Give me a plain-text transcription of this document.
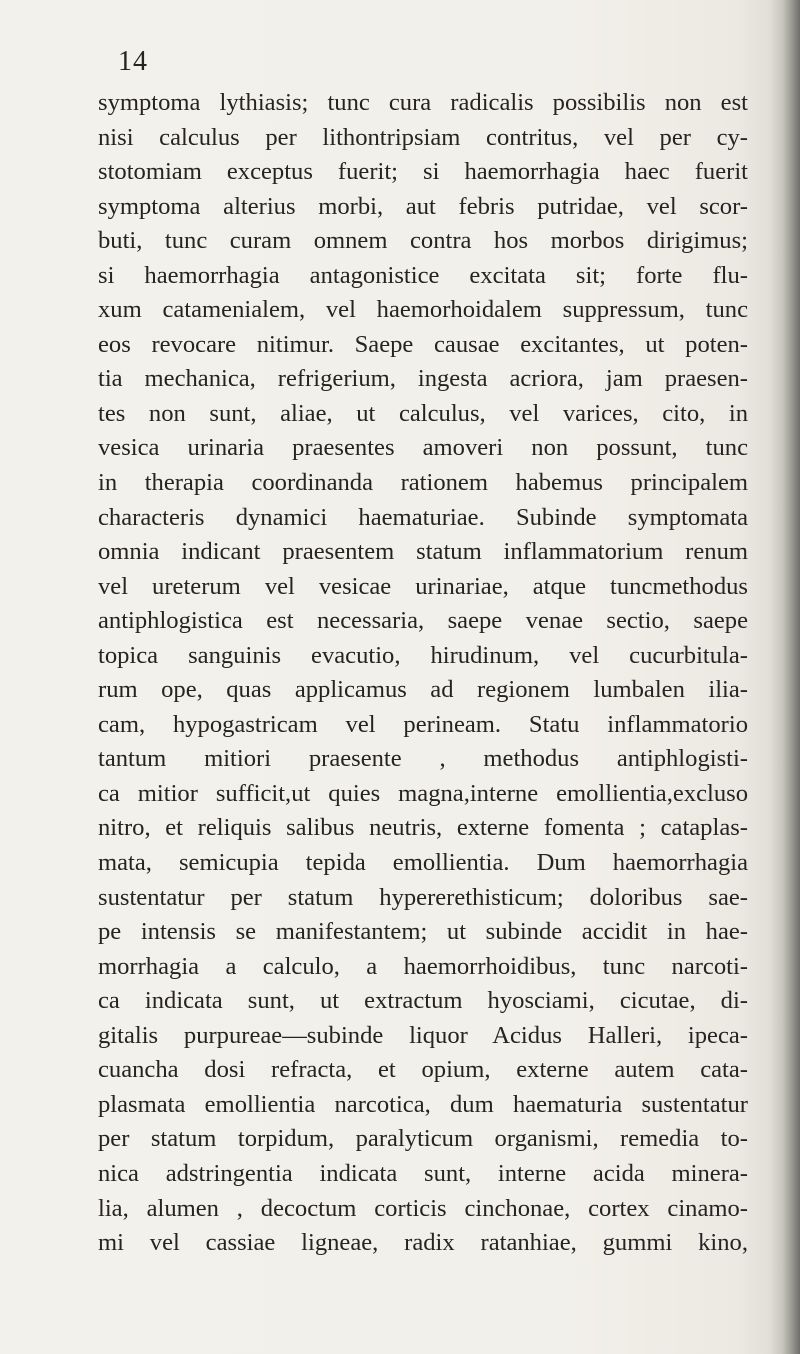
14
symptoma lythiasis; tunc cura radicalis possibilis non est
nisi calculus per lithontripsiam contritus, vel per cy-
stotomiam exceptus fuerit; si haemorrhagia haec fuerit
symptoma alterius morbi, aut febris putridae, vel scor-
buti, tunc curam omnem contra hos morbos dirigimus;
si haemorrhagia antagonistice excitata sit; forte flu-
xum catamenialem, vel haemorhoidalem suppressum, tunc
eos revocare nitimur. Saepe causae excitantes, ut poten-
tia mechanica, refrigerium, ingesta acriora, jam praesen-
tes non sunt, aliae, ut calculus, vel varices, cito, in
vesica urinaria praesentes amoveri non possunt, tunc
in therapia coordinanda rationem habemus principalem
characteris dynamici haematuriae. Subinde symptomata
omnia indicant praesentem statum inflammatorium renum
vel ureterum vel vesicae urinariae, atque tuncmethodus
antiphlogistica est necessaria, saepe venae sectio, saepe
topica sanguinis evacutio, hirudinum, vel cucurbitula-
rum ope, quas applicamus ad regionem lumbalen ilia-
cam, hypogastricam vel perineam. Statu inflammatorio
tantum mitiori praesente , methodus antiphlogisti-
ca mitior sufficit,ut quies magna,interne emollientia,excluso
nitro, et reliquis salibus neutris, externe fomenta ; cataplas-
mata, semicupia tepida emollientia. Dum haemorrhagia
sustentatur per statum hypererethisticum; doloribus sae-
pe intensis se manifestantem; ut subinde accidit in hae-
morrhagia a calculo, a haemorrhoidibus, tunc narcoti-
ca indicata sunt, ut extractum hyosciami, cicutae, di-
gitalis purpureae—subinde liquor Acidus Halleri, ipeca-
cuancha dosi refracta, et opium, externe autem cata-
plasmata emollientia narcotica, dum haematuria sustentatur
per statum torpidum, paralyticum organismi, remedia to-
nica adstringentia indicata sunt, interne acida minera-
lia, alumen , decoctum corticis cinchonae, cortex cinamo-
mi vel cassiae ligneae, radix ratanhiae, gummi kino,
